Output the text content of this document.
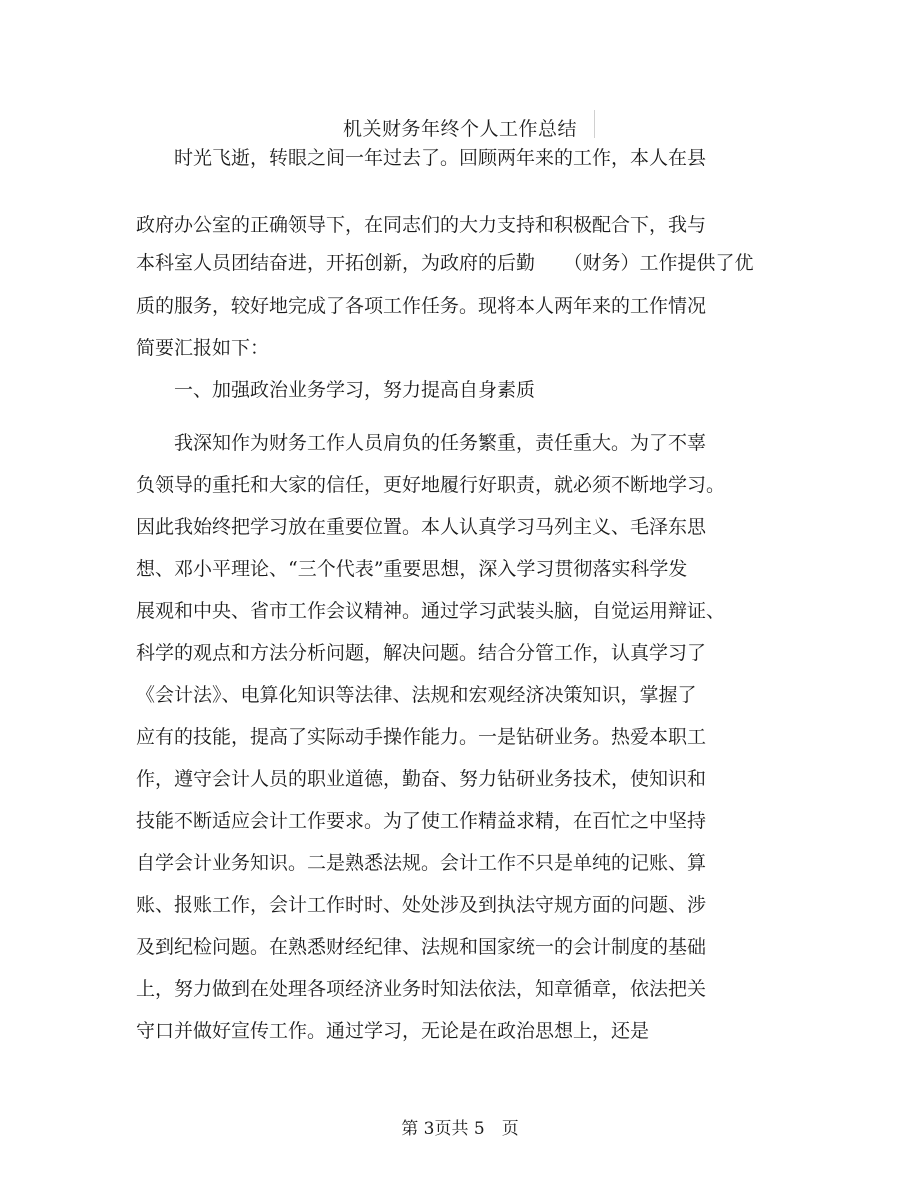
机关财务年终个人工作总结
　　时光飞逝，转眼之间一年过去了。回顾两年来的工作，本人在县
政府办公室的正确领导下，在同志们的大力支持和积极配合下，我与
本科室人员团结奋进，开拓创新，为政府的后勤　　（财务）工作提供了优
质的服务，较好地完成了各项工作任务。现将本人两年来的工作情况
简要汇报如下：
　　一、加强政治业务学习，努力提高自身素质
　　我深知作为财务工作人员肩负的任务繁重，责任重大。为了不辜
负领导的重托和大家的信任，更好地履行好职责，就必须不断地学习。
因此我始终把学习放在重要位置。本人认真学习马列主义、毛泽东思
想、邓小平理论、“三个代表”重要思想，深入学习贯彻落实科学发
展观和中央、省市工作会议精神。通过学习武装头脑，自觉运用辩证、
科学的观点和方法分析问题，解决问题。结合分管工作，认真学习了
《会计法》、电算化知识等法律、法规和宏观经济决策知识，掌握了
应有的技能，提高了实际动手操作能力。一是钻研业务。热爱本职工
作，遵守会计人员的职业道德，勤奋、努力钻研业务技术，使知识和
技能不断适应会计工作要求。为了使工作精益求精，在百忙之中坚持
自学会计业务知识。二是熟悉法规。会计工作不只是单纯的记账、算
账、报账工作，会计工作时时、处处涉及到执法守规方面的问题、涉
及到纪检问题。在熟悉财经纪律、法规和国家统一的会计制度的基础
上，努力做到在处理各项经济业务时知法依法，知章循章，依法把关
守口并做好宣传工作。通过学习，无论是在政治思想上，还是
第 3页共 5　页
